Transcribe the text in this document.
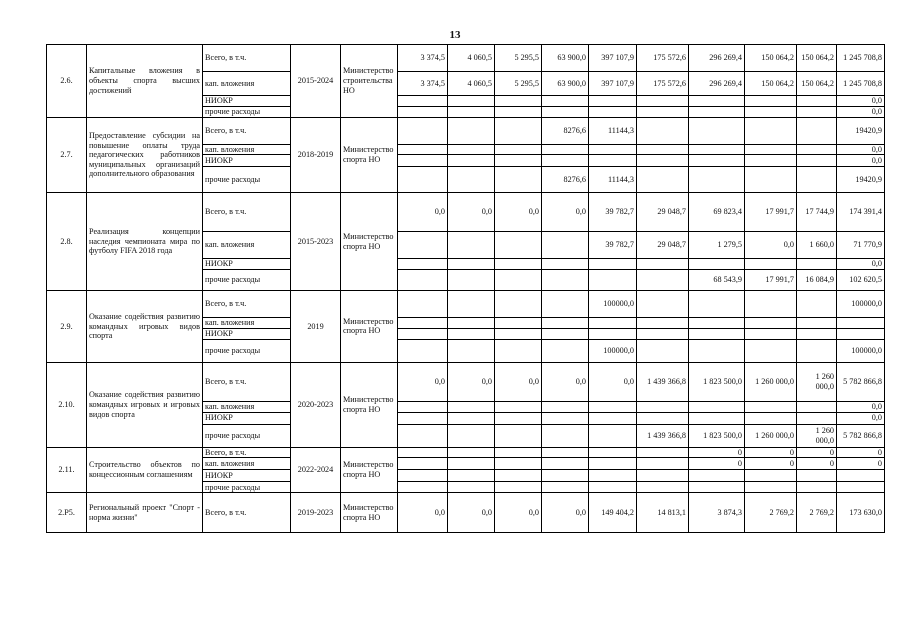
13
2.6.	Капитальные вложения в объекты спорта высших достижений	Всего, в т.ч.	2015-2024	Министерство строительства НО	3 374,5	4 060,5	5 295,5	63 900,0	397 107,9	175 572,6	296 269,4	150 064,2	150 064,2	1 245 708,8
		кап. вложения			3 374,5	4 060,5	5 295,5	63 900,0	397 107,9	175 572,6	296 269,4	150 064,2	150 064,2	1 245 708,8
		НИОКР												0,0
		прочие расходы												0,0
2.7.	Предоставление субсидии на повышение оплаты труда педагогических работников муниципальных организаций дополнительного образования	Всего, в т.ч.	2018-2019	Министерство спорта НО				8276,6	11144,3					19420,9
		кап. вложения												0,0
		НИОКР												0,0
		прочие расходы						8276,6	11144,3					19420,9
2.8.	Реализация концепции наследия чемпионата мира по футболу FIFA 2018 года	Всего, в т.ч.	2015-2023	Министерство спорта НО	0,0	0,0	0,0	0,0	39 782,7	29 048,7	69 823,4	17 991,7	17 744,9	174 391,4
		кап. вложения							39 782,7	29 048,7	1 279,5	0,0	1 660,0	71 770,9
		НИОКР												0,0
		прочие расходы									68 543,9	17 991,7	16 084,9	102 620,5
2.9.	Оказание содействия развитию командных игровых видов спорта	Всего, в т.ч.	2019	Министерство спорта НО					100000,0					100000,0
		кап. вложения												
		НИОКР												
		прочие расходы							100000,0					100000,0
2.10.	Оказание содействия развитию командных игровых и игровых видов спорта	Всего, в т.ч.	2020-2023	Министерство спорта НО	0,0	0,0	0,0	0,0	0,0	1 439 366,8	1 823 500,0	1 260 000,0	1 260 000,0	5 782 866,8
		кап. вложения												0,0
		НИОКР												0,0
		прочие расходы								1 439 366,8	1 823 500,0	1 260 000,0	1 260 000,0	5 782 866,8
2.11.	Строительство объектов по концессионным соглашениям	Всего, в т.ч.	2022-2024	Министерство спорта НО							0	0	0	0
		кап. вложения									0	0	0	0
		НИОКР												
		прочие расходы												
2.Р5.	Региональный проект "Спорт - норма жизни"	Всего, в т.ч.	2019-2023	Министерство спорта НО	0,0	0,0	0,0	0,0	149 404,2	14 813,1	3 874,3	2 769,2	2 769,2	173 630,0
